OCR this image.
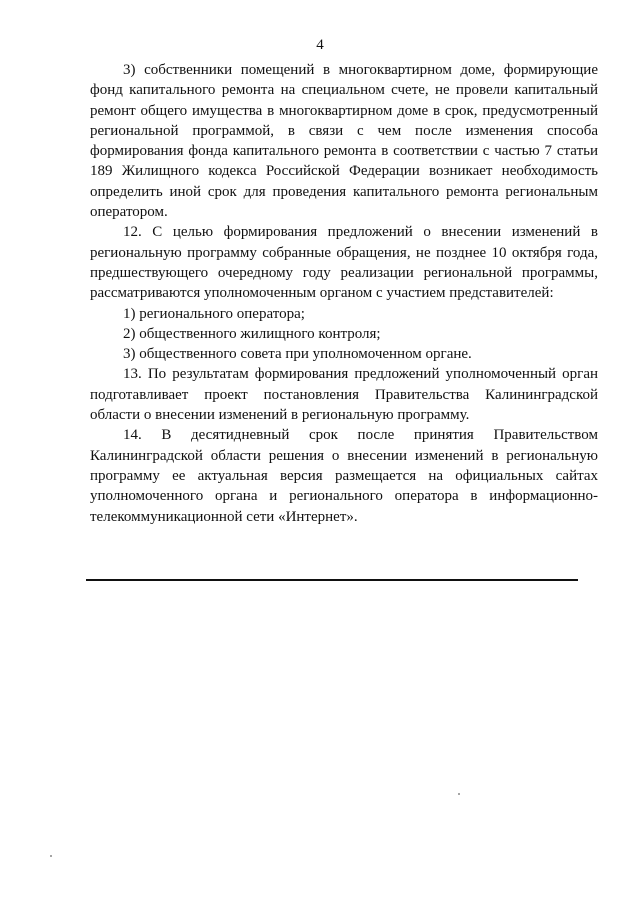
4

3) собственники помещений в многоквартирном доме, формирующие фонд капитального ремонта на специальном счете, не провели капитальный ремонт общего имущества в многоквартирном доме в срок, предусмотренный региональной программой, в связи с чем после изменения способа формирования фонда капитального ремонта в соответствии с частью 7 статьи 189 Жилищного кодекса Российской Федерации возникает необходимость определить иной срок для проведения капитального ремонта региональным оператором.

12. С целью формирования предложений о внесении изменений в региональную программу собранные обращения, не позднее 10 октября года, предшествующего очередному году реализации региональной программы, рассматриваются уполномоченным органом с участием представителей:

1) регионального оператора;

2) общественного жилищного контроля;

3) общественного совета при уполномоченном органе.

13. По результатам формирования предложений уполномоченный орган подготавливает проект постановления Правительства Калининградской области о внесении изменений в региональную программу.

14. В десятидневный срок после принятия Правительством Калининградской области решения о внесении изменений в региональную программу ее актуальная версия размещается на официальных сайтах уполномоченного органа и регионального оператора в информационно-телекоммуникационной сети «Интернет».
